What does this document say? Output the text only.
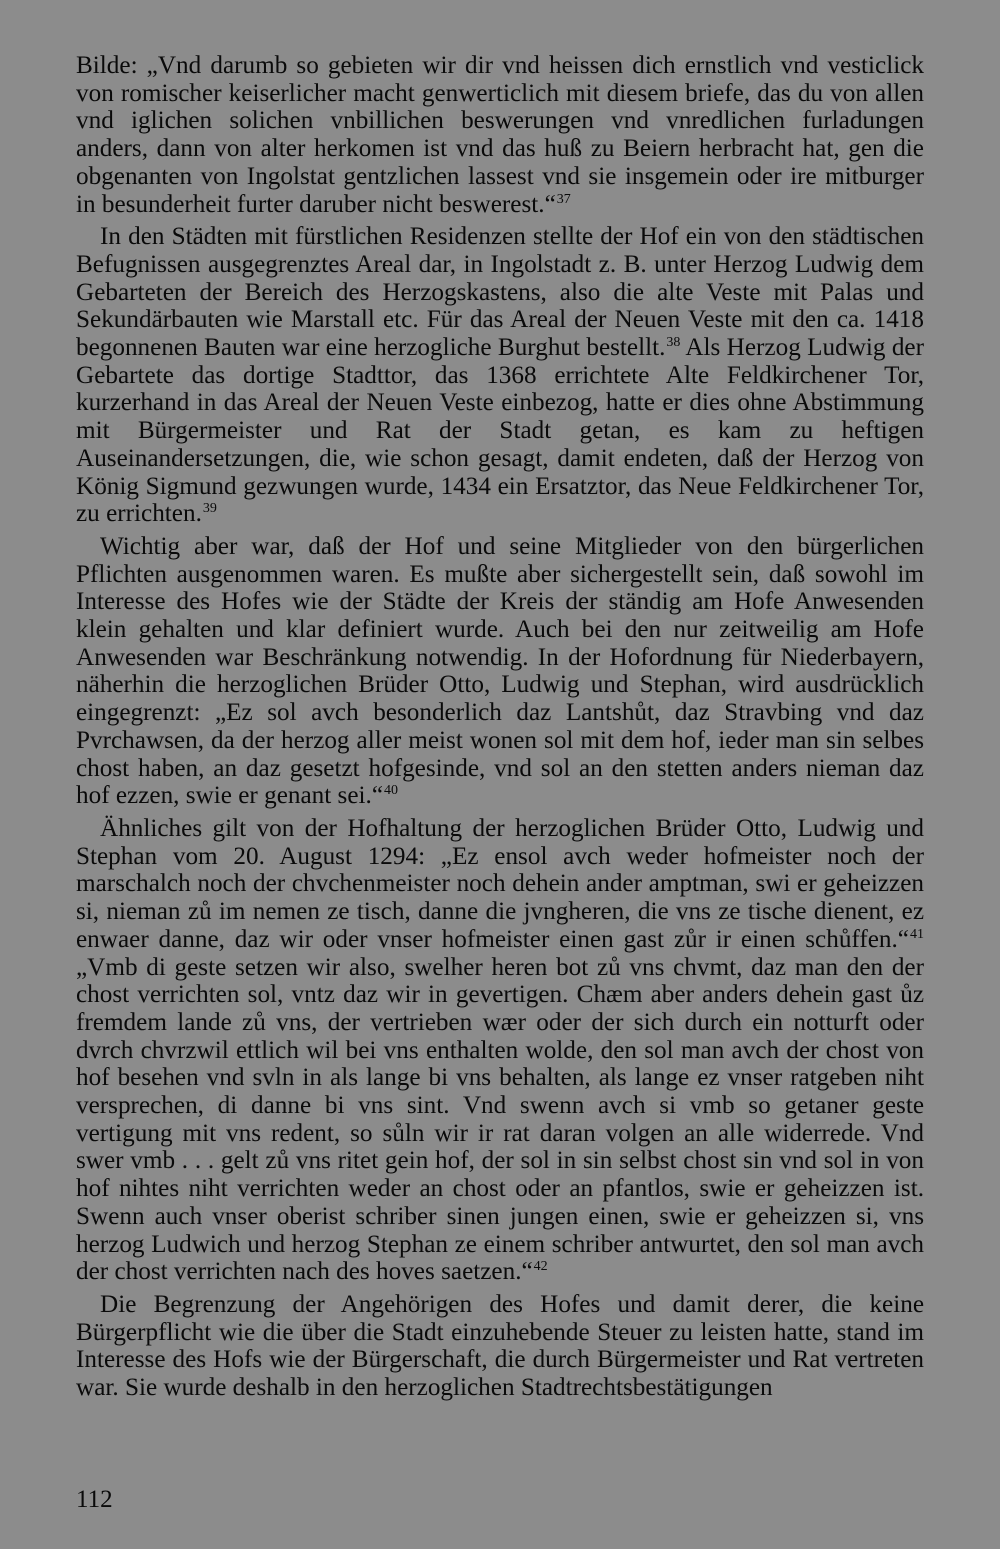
Bilde: „Vnd darumb so gebieten wir dir vnd heissen dich ernstlich vnd vesticlick von romischer keiserlicher macht genwerticlich mit diesem briefe, das du von allen vnd iglichen solichen vnbillichen beswerungen vnd vnredlichen furladungen anders, dann von alter herkomen ist vnd das huß zu Beiern herbracht hat, gen die obgenanten von Ingolstat gentzlichen lassest vnd sie insgemein oder ire mitburger in besunderheit furter daruber nicht beswerest.“$^{37}$

In den Städten mit fürstlichen Residenzen stellte der Hof ein von den städtischen Befugnissen ausgegrenztes Areal dar, in Ingolstadt z. B. unter Herzog Ludwig dem Gebarteten der Bereich des Herzogskastens, also die alte Veste mit Palas und Sekundärbauten wie Marstall etc. Für das Areal der Neuen Veste mit den ca. 1418 begonnenen Bauten war eine herzogliche Burghut bestellt.$^{38}$ Als Herzog Ludwig der Gebartete das dortige Stadttor, das 1368 errichtete Alte Feldkirchener Tor, kurzerhand in das Areal der Neuen Veste einbezog, hatte er dies ohne Abstimmung mit Bürgermeister und Rat der Stadt getan, es kam zu heftigen Auseinandersetzungen, die, wie schon gesagt, damit endeten, daß der Herzog von König Sigmund gezwungen wurde, 1434 ein Ersatztor, das Neue Feldkirchener Tor, zu errichten.$^{39}$

Wichtig aber war, daß der Hof und seine Mitglieder von den bürgerlichen Pflichten ausgenommen waren. Es mußte aber sichergestellt sein, daß sowohl im Interesse des Hofes wie der Städte der Kreis der ständig am Hofe Anwesenden klein gehalten und klar definiert wurde. Auch bei den nur zeitweilig am Hofe Anwesenden war Beschränkung notwendig. In der Hofordnung für Niederbayern, näherhin die herzoglichen Brüder Otto, Ludwig und Stephan, wird ausdrücklich eingegrenzt: „Ez sol avch besonderlich daz Lantshůt, daz Stravbing vnd daz Pvrchawsen, da der herzog aller meist wonen sol mit dem hof, ieder man sin selbes chost haben, an daz gesetzt hofgesinde, vnd sol an den stetten anders nieman daz hof ezzen, swie er genant sei.“$^{40}$

Ähnliches gilt von der Hofhaltung der herzoglichen Brüder Otto, Ludwig und Stephan vom 20. August 1294: „Ez ensol avch weder hofmeister noch der marschalch noch der chvchenmeister noch dehein ander amptman, swi er geheizzen si, nieman zů im nemen ze tisch, danne die jvngheren, die vns ze tische dienent, ez enwaer danne, daz wir oder vnser hofmeister einen gast zůr ir einen schůffen.“$^{41}$ „Vmb di geste setzen wir also, swelher heren bot zů vns chvmt, daz man den der chost verrichten sol, vntz daz wir in gevertigen. Chæm aber anders dehein gast ůz fremdem lande zů vns, der vertrieben wær oder der sich durch ein notturft oder dvrch chvrzwil ettlich wil bei vns enthalten wolde, den sol man avch der chost von hof besehen vnd svln in als lange bi vns behalten, als lange ez vnser ratgeben niht versprechen, di danne bi vns sint. Vnd swenn avch si vmb so getaner geste vertigung mit vns redent, so sůln wir ir rat daran volgen an alle widerrede. Vnd swer vmb . . . gelt zů vns ritet gein hof, der sol in sin selbst chost sin vnd sol in von hof nihtes niht verrichten weder an chost oder an pfantlos, swie er geheizzen ist. Swenn auch vnser oberist schriber sinen jungen einen, swie er geheizzen si, vns herzog Ludwich und herzog Stephan ze einem schriber antwurtet, den sol man avch der chost verrichten nach des hoves saetzen.“$^{42}$

Die Begrenzung der Angehörigen des Hofes und damit derer, die keine Bürgerpflicht wie die über die Stadt einzuhebende Steuer zu leisten hatte, stand im Interesse des Hofs wie der Bürgerschaft, die durch Bürgermeister und Rat vertreten war. Sie wurde deshalb in den herzoglichen Stadtrechtsbestätigungen

112
